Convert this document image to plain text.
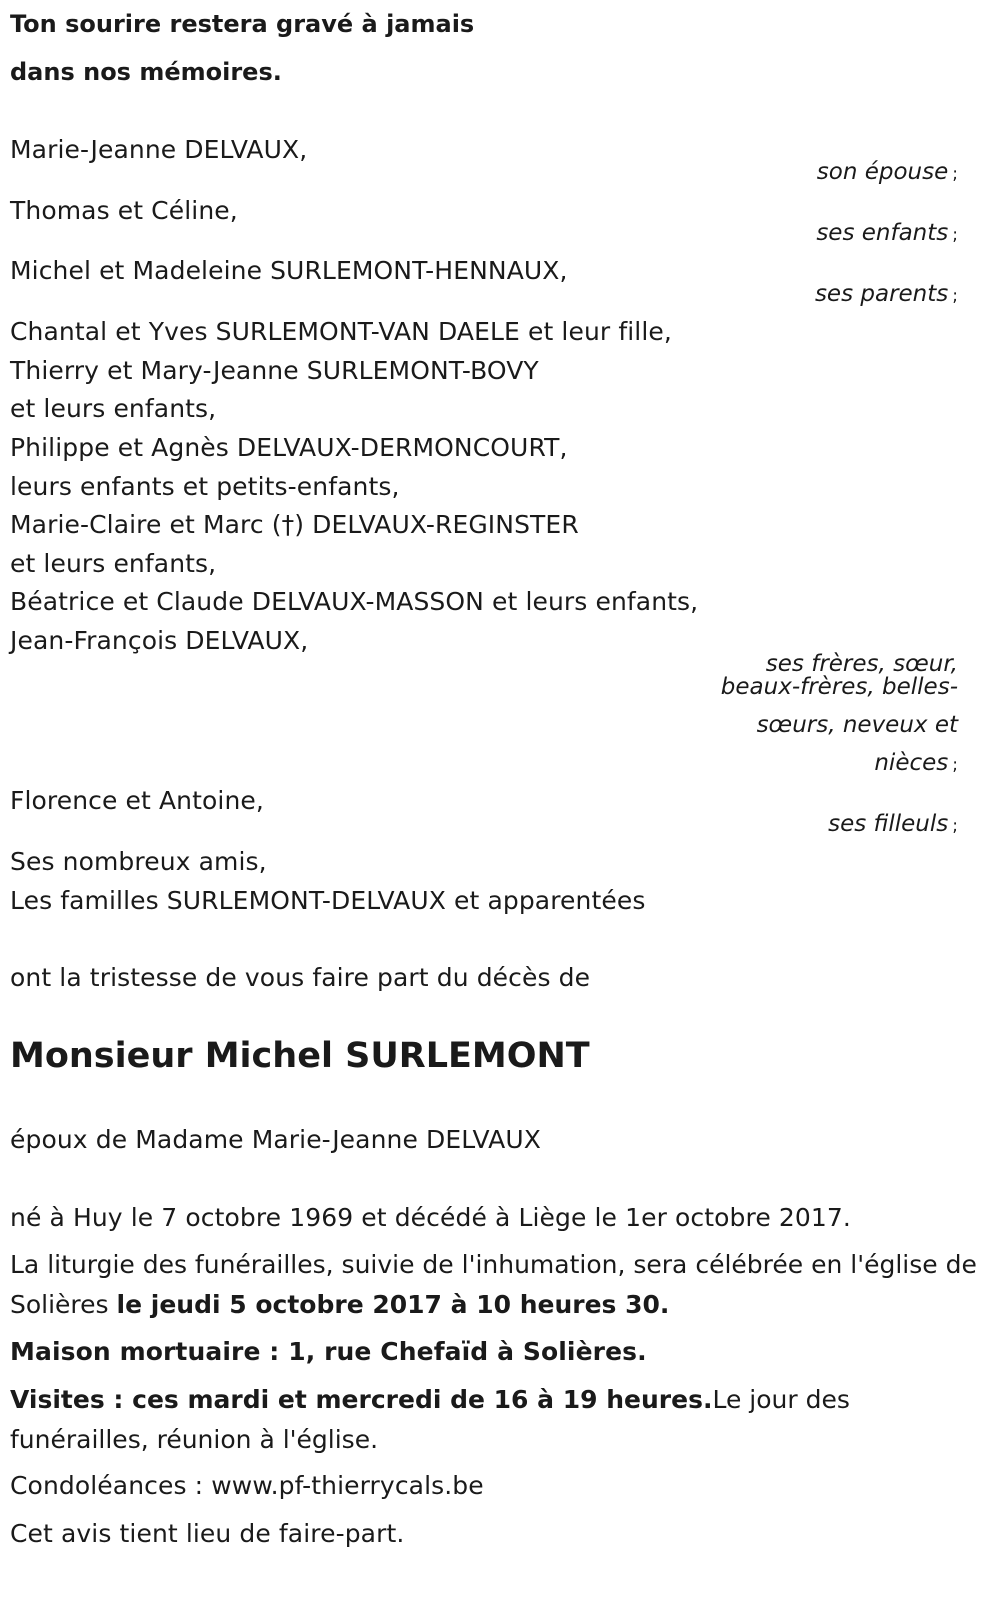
Ton sourire restera gravé à jamais
dans nos mémoires.
Marie-Jeanne DELVAUX,
son épouse ;
Thomas et Céline,
ses enfants ;
Michel et Madeleine SURLEMONT-HENNAUX,
ses parents ;
Chantal et Yves SURLEMONT-VAN DAELE et leur fille,
Thierry et Mary-Jeanne SURLEMONT-BOVY
et leurs enfants,
Philippe et Agnès DELVAUX-DERMONCOURT,
leurs enfants et petits-enfants,
Marie-Claire et Marc (†) DELVAUX-REGINSTER
et leurs enfants,
Béatrice et Claude DELVAUX-MASSON et leurs enfants,
Jean-François DELVAUX,
ses frères, sœur,
beaux-frères, belles-
sœurs, neveux et
nièces ;
Florence et Antoine,
ses filleuls ;
Ses nombreux amis,
Les familles SURLEMONT-DELVAUX et apparentées
ont la tristesse de vous faire part du décès de
Monsieur Michel SURLEMONT
époux de Madame Marie-Jeanne DELVAUX
né à Huy le 7 octobre 1969 et décédé à Liège le 1er octobre 2017.
La liturgie des funérailles, suivie de l'inhumation, sera célébrée en l'église de Solières le jeudi 5 octobre 2017 à 10 heures 30.
Maison mortuaire : 1, rue Chefaïd à Solières.
Visites : ces mardi et mercredi de 16 à 19 heures.Le jour des funérailles, réunion à l'église.
Condoléances : www.pf-thierrycals.be
Cet avis tient lieu de faire-part.
